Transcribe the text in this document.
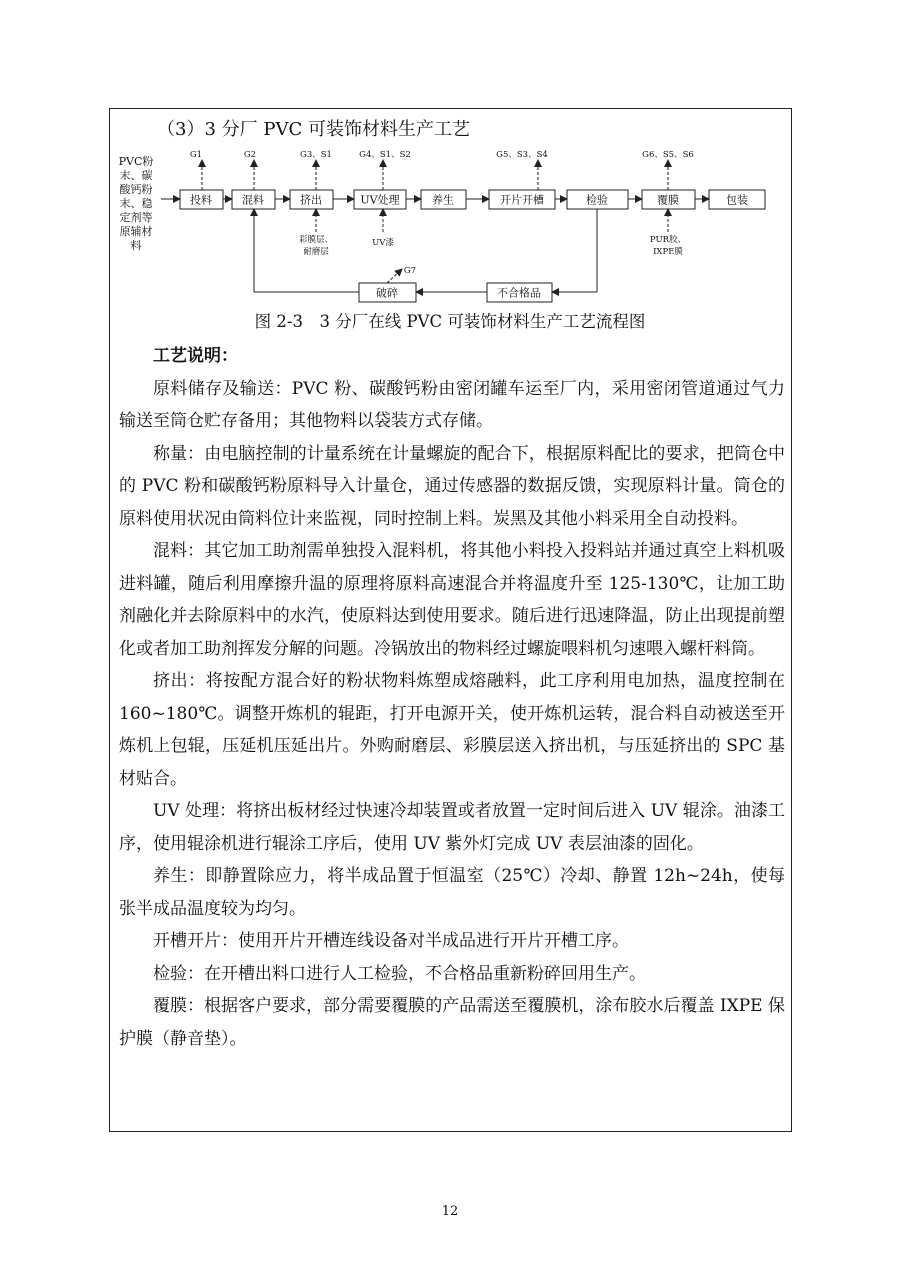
（3）3 分厂 PVC 可装饰材料生产工艺
PVC粉
末、碳
酸钙粉
末、稳
定剂等
原辅材
料
投料	混料	挤出	UV处理	养生	开片开槽	检验	覆膜	包装
不合格品
破碎
G1	G2	G3、S1	G4、S1、S2	G5、S3、S4	G6、S5、S6
彩膜层、
耐磨层
UV漆	PUR胶、
IXPE膜
G7
图 2-3　3 分厂在线 PVC 可装饰材料生产工艺流程图

工艺说明：

原料储存及输送：PVC 粉、碳酸钙粉由密闭罐车运至厂内，采用密闭管道通过气力输送至筒仓贮存备用；其他物料以袋装方式存储。

称量：由电脑控制的计量系统在计量螺旋的配合下，根据原料配比的要求，把筒仓中的 PVC 粉和碳酸钙粉原料导入计量仓，通过传感器的数据反馈，实现原料计量。筒仓的原料使用状况由筒料位计来监视，同时控制上料。炭黑及其他小料采用全自动投料。

混料：其它加工助剂需单独投入混料机，将其他小料投入投料站并通过真空上料机吸进料罐，随后利用摩擦升温的原理将原料高速混合并将温度升至 125-130℃，让加工助剂融化并去除原料中的水汽，使原料达到使用要求。随后进行迅速降温，防止出现提前塑化或者加工助剂挥发分解的问题。冷锅放出的物料经过螺旋喂料机匀速喂入螺杆料筒。

挤出：将按配方混合好的粉状物料炼塑成熔融料，此工序利用电加热，温度控制在 160~180℃。调整开炼机的辊距，打开电源开关，使开炼机运转，混合料自动被送至开炼机上包辊，压延机压延出片。外购耐磨层、彩膜层送入挤出机，与压延挤出的 SPC 基材贴合。

UV 处理：将挤出板材经过快速冷却装置或者放置一定时间后进入 UV 辊涂。油漆工序，使用辊涂机进行辊涂工序后，使用 UV 紫外灯完成 UV 表层油漆的固化。

养生：即静置除应力，将半成品置于恒温室（25℃）冷却、静置 12h~24h，使每张半成品温度较为均匀。

开槽开片：使用开片开槽连线设备对半成品进行开片开槽工序。

检验：在开槽出料口进行人工检验，不合格品重新粉碎回用生产。

覆膜：根据客户要求，部分需要覆膜的产品需送至覆膜机，涂布胶水后覆盖 IXPE 保护膜（静音垫）。

12
